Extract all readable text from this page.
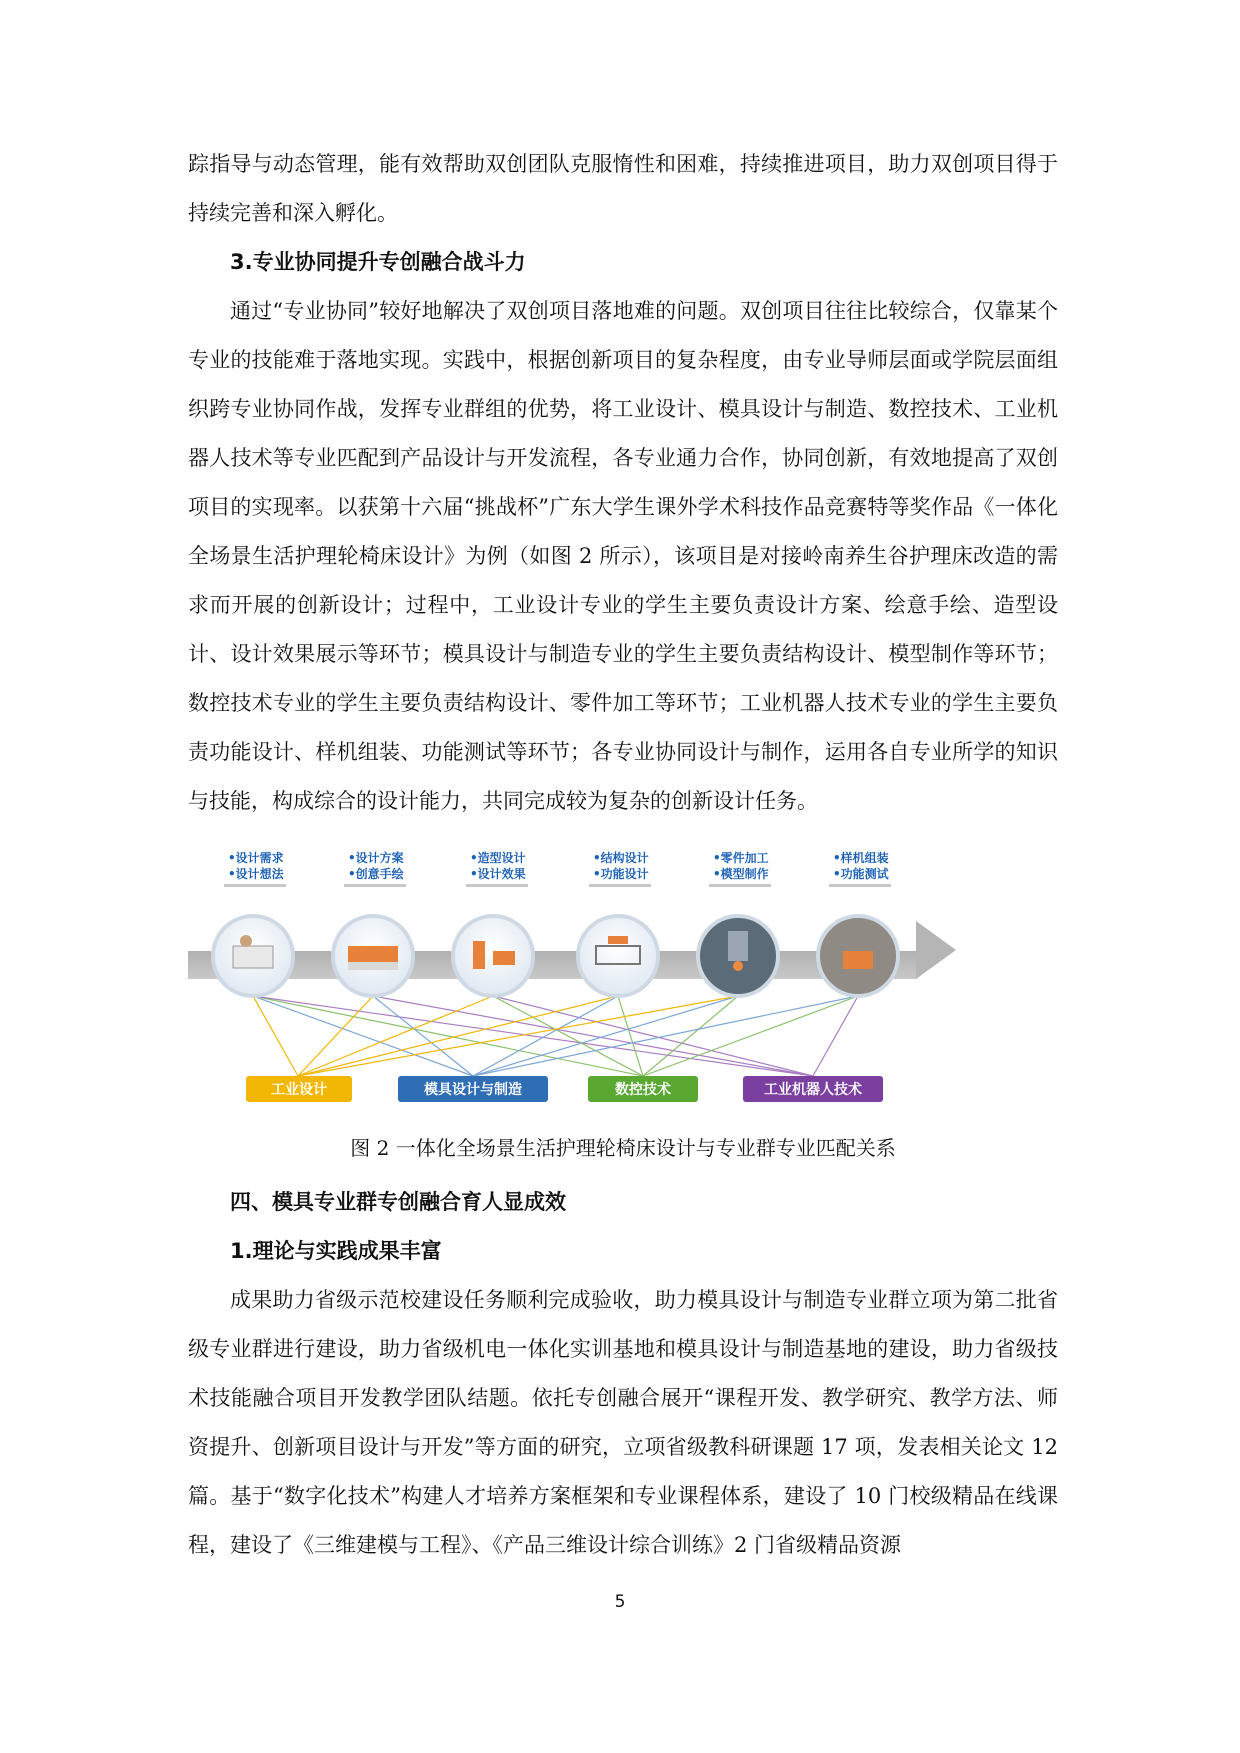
踪指导与动态管理，能有效帮助双创团队克服惰性和困难，持续推进项目，助力双创项目得于持续完善和深入孵化。

3.专业协同提升专创融合战斗力

通过“专业协同”较好地解决了双创项目落地难的问题。双创项目往往比较综合，仅靠某个专业的技能难于落地实现。实践中，根据创新项目的复杂程度，由专业导师层面或学院层面组织跨专业协同作战，发挥专业群组的优势，将工业设计、模具设计与制造、数控技术、工业机器人技术等专业匹配到产品设计与开发流程，各专业通力合作，协同创新，有效地提高了双创项目的实现率。以获第十六届“挑战杯”广东大学生课外学术科技作品竞赛特等奖作品《一体化全场景生活护理轮椅床设计》为例（如图 2 所示），该项目是对接岭南养生谷护理床改造的需求而开展的创新设计；过程中，工业设计专业的学生主要负责设计方案、绘意手绘、造型设计、设计效果展示等环节；模具设计与制造专业的学生主要负责结构设计、模型制作等环节；数控技术专业的学生主要负责结构设计、零件加工等环节；工业机器人技术专业的学生主要负责功能设计、样机组装、功能测试等环节；各专业协同设计与制作，运用各自专业所学的知识与技能，构成综合的设计能力，共同完成较为复杂的创新设计任务。

•设计需求
•设计想法
•设计方案
•创意手绘
•造型设计
•设计效果
•结构设计
•功能设计
•零件加工
•模型制作
•样机组装
•功能测试
工业设计	模具设计与制造	数控技术	工业机器人技术
图 2 一体化全场景生活护理轮椅床设计与专业群专业匹配关系
四、模具专业群专创融合育人显成效
1.理论与实践成果丰富

成果助力省级示范校建设任务顺利完成验收，助力模具设计与制造专业群立项为第二批省级专业群进行建设，助力省级机电一体化实训基地和模具设计与制造基地的建设，助力省级技术技能融合项目开发教学团队结题。依托专创融合展开“课程开发、教学研究、教学方法、师资提升、创新项目设计与开发”等方面的研究，立项省级教科研课题 17 项，发表相关论文 12 篇。基于“数字化技术”构建人才培养方案框架和专业课程体系，建设了 10 门校级精品在线课程，建设了《三维建模与工程》、《产品三维设计综合训练》2 门省级精品资源

5
